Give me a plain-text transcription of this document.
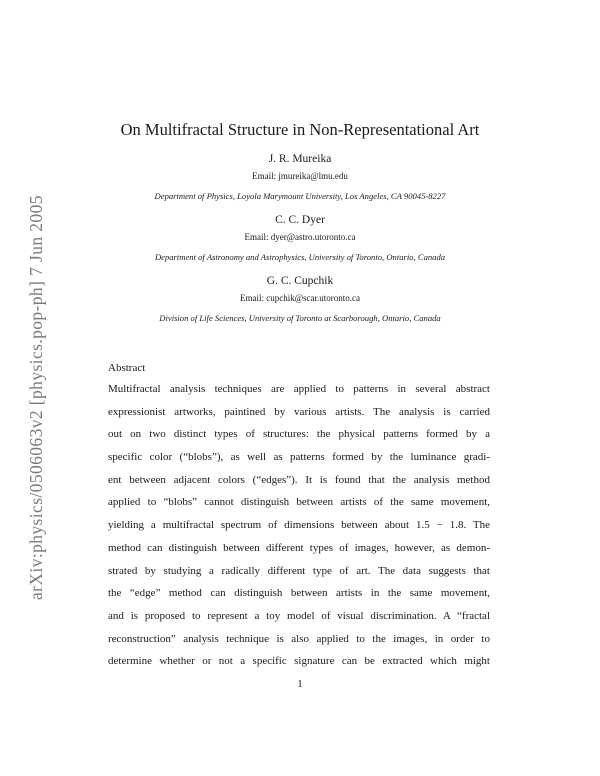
arXiv:physics/0506063v2 [physics.pop-ph] 7 Jun 2005
On Multifractal Structure in Non-Representational Art
J. R. Mureika
Email: jmureika@lmu.edu
Department of Physics, Loyola Marymount University, Los Angeles, CA 90045-8227
C. C. Dyer
Email: dyer@astro.utoronto.ca
Department of Astronomy and Astrophysics, University of Toronto, Ontario, Canada
G. C. Cupchik
Email: cupchik@scar.utoronto.ca
Division of Life Sciences, University of Toronto at Scarborough, Ontario, Canada
Abstract
Multifractal analysis techniques are applied to patterns in several abstract
expressionist artworks, paintined by various artists. The analysis is carried
out on two distinct types of structures: the physical patterns formed by a
specific color (“blobs”), as well as patterns formed by the luminance gradi-
ent between adjacent colors (“edges”). It is found that the analysis method
applied to “blobs” cannot distinguish between artists of the same movement,
yielding a multifractal spectrum of dimensions between about 1.5 − 1.8. The
method can distinguish between different types of images, however, as demon-
strated by studying a radically different type of art. The data suggests that
the “edge” method can distinguish between artists in the same movement,
and is proposed to represent a toy model of visual discrimination. A “fractal
reconstruction” analysis technique is also applied to the images, in order to
determine whether or not a specific signature can be extracted which might
1
